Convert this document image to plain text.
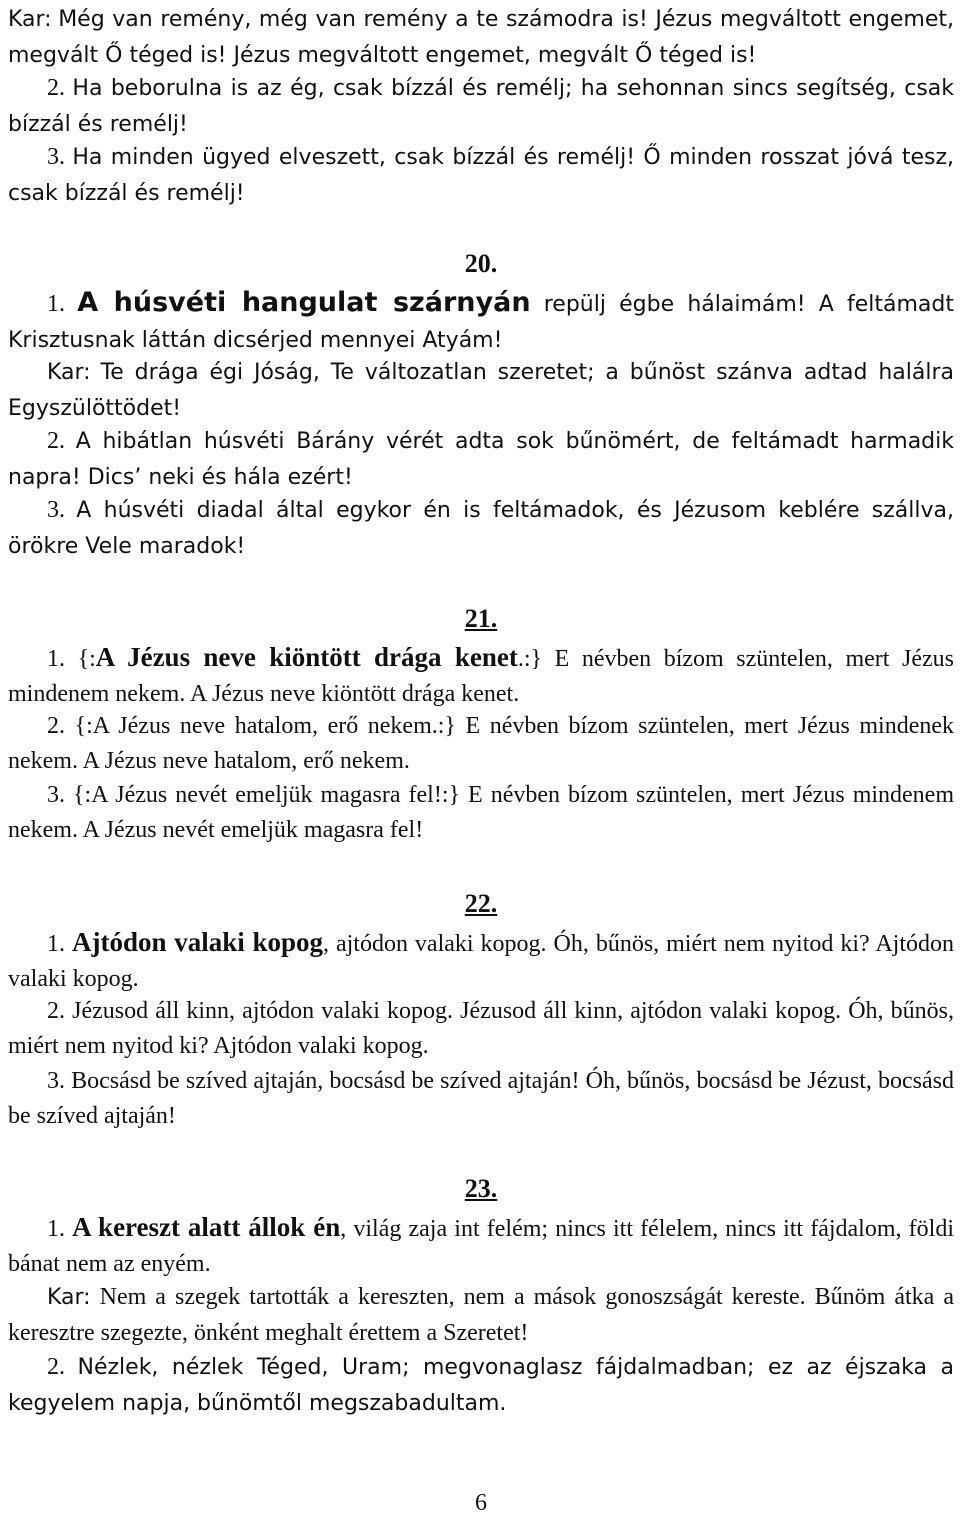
Kar: Még van remény, még van remény a te számodra is! Jézus megváltott engemet, megvált Ő téged is! Jézus megváltott engemet, megvált Ő téged is!
2. Ha beborulna is az ég, csak bízzál és remélj; ha sehonnan sincs segítség, csak bízzál és remélj!
3. Ha minden ügyed elveszett, csak bízzál és remélj! Ő minden rosszat jóvá tesz, csak bízzál és remélj!
20.
1. A húsvéti hangulat szárnyán repülj égbe hálaimám! A feltámadt Krisztusnak láttán dicsérjed mennyei Atyám!
Kar: Te drága égi Jóság, Te változatlan szeretet; a bűnöst szánva adtad halálra Egyszülöttödet!
2. A hibátlan húsvéti Bárány vérét adta sok bűnömért, de feltámadt harmadik napra! Dics’ neki és hála ezért!
3. A húsvéti diadal által egykor én is feltámadok, és Jézusom keblére szállva, örökre Vele maradok!
21.
1. {:A Jézus neve kiöntött drága kenet.:} E névben bízom szüntelen, mert Jézus mindenem nekem. A Jézus neve kiöntött drága kenet.
2. {:A Jézus neve hatalom, erő nekem.:} E névben bízom szüntelen, mert Jézus mindenek nekem. A Jézus neve hatalom, erő nekem.
3. {:A Jézus nevét emeljük magasra fel!:} E névben bízom szüntelen, mert Jézus mindenem nekem. A Jézus nevét emeljük magasra fel!
22.
1. Ajtódon valaki kopog, ajtódon valaki kopog. Óh, bűnös, miért nem nyitod ki? Ajtódon valaki kopog.
2. Jézusod áll kinn, ajtódon valaki kopog. Jézusod áll kinn, ajtódon valaki kopog. Óh, bűnös, miért nem nyitod ki? Ajtódon valaki kopog.
3. Bocsásd be szíved ajtaján, bocsásd be szíved ajtaján! Óh, bűnös, bocsásd be Jézust, bocsásd be szíved ajtaján!
23.
1. A kereszt alatt állok én, világ zaja int felém; nincs itt félelem, nincs itt fájdalom, földi bánat nem az enyém.
Kar: Nem a szegek tartották a kereszten, nem a mások gonoszságát kereste. Bűnöm átka a keresztre szegezte, önként meghalt érettem a Szeretet!
2. Nézlek, nézlek Téged, Uram; megvonaglasz fájdalmadban; ez az éjszaka a kegyelem napja, bűnömtől megszabadultam.
6
